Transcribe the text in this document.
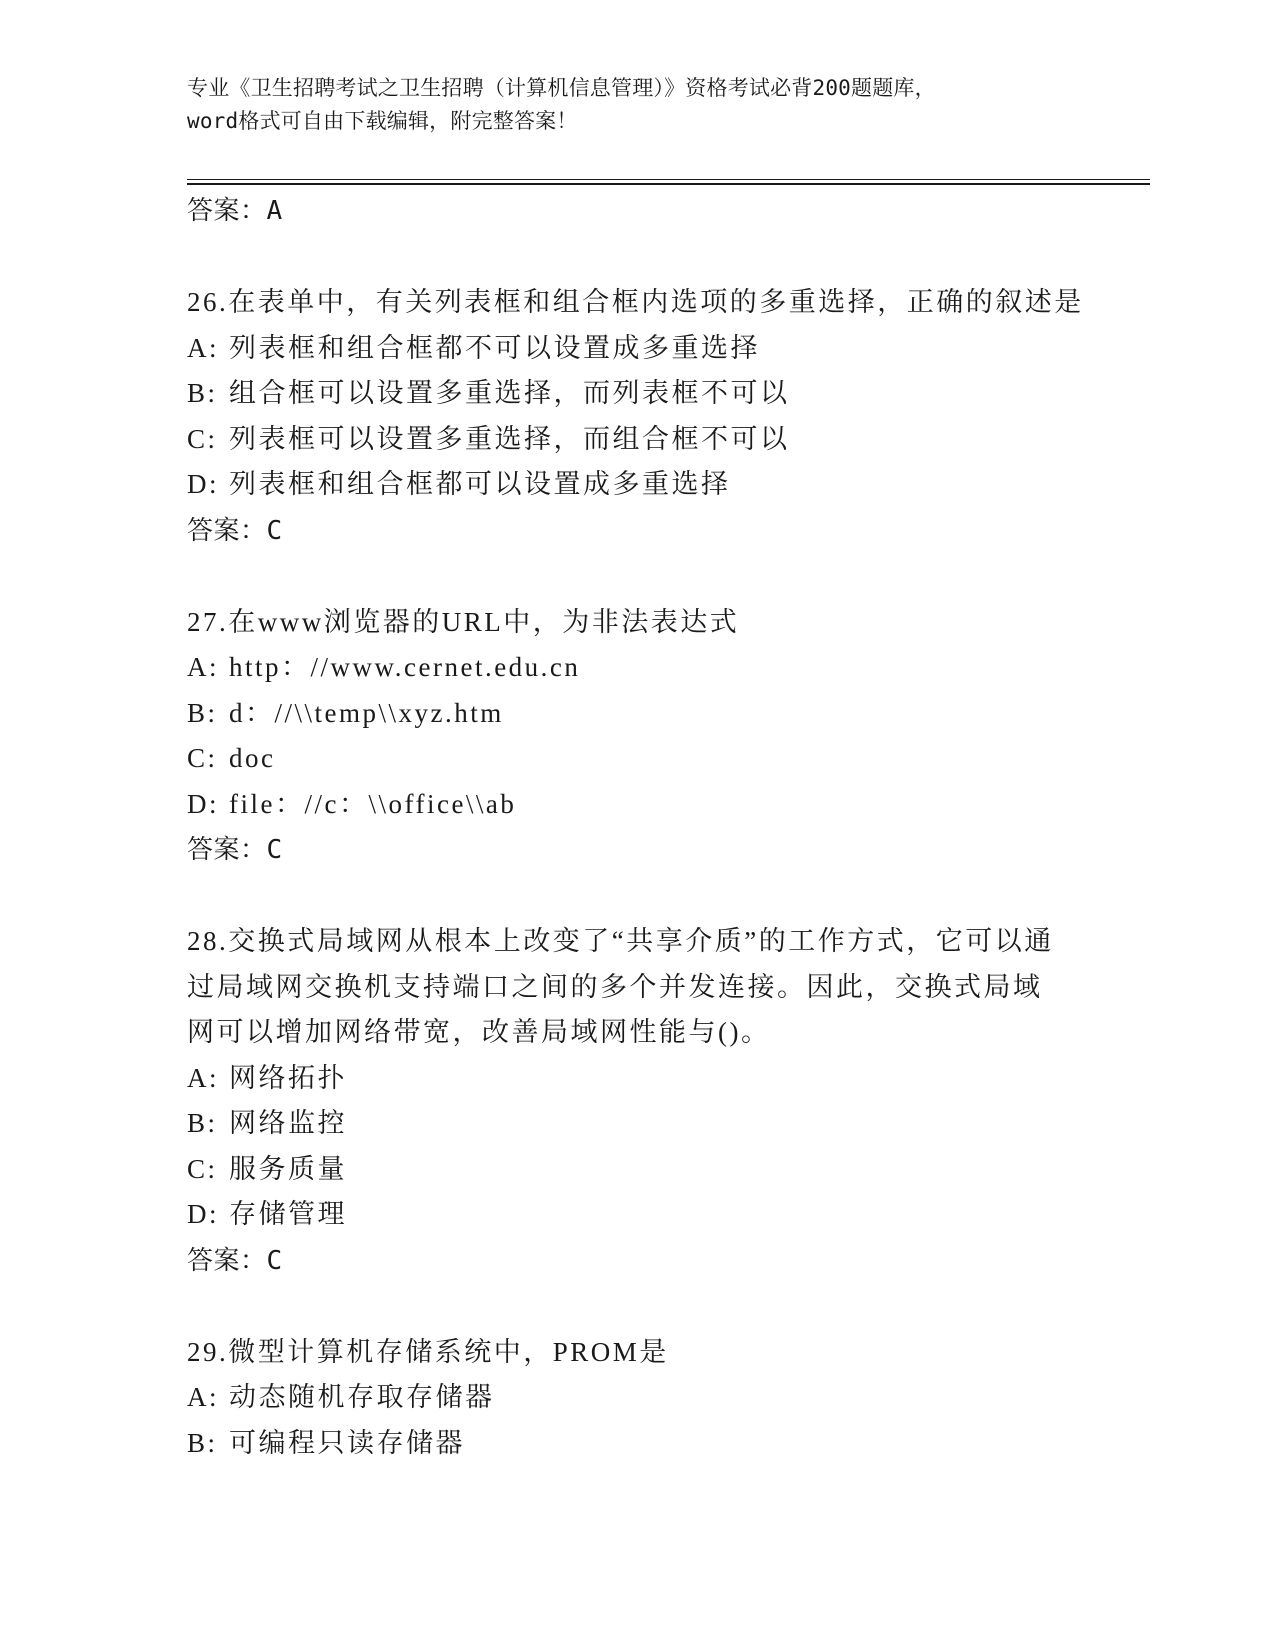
专业《卫生招聘考试之卫生招聘（计算机信息管理）》资格考试必背200题题库，
word格式可自由下载编辑，附完整答案！
答案：A
26.在表单中，有关列表框和组合框内选项的多重选择，正确的叙述是
A: 列表框和组合框都不可以设置成多重选择
B: 组合框可以设置多重选择，而列表框不可以
C: 列表框可以设置多重选择，而组合框不可以
D: 列表框和组合框都可以设置成多重选择
答案：C
27.在www浏览器的URL中，为非法表达式
A: http：//www.cernet.edu.cn
B: d：//\\temp\\xyz.htm
C: doc
D: file：//c：\\office\\ab
答案：C
28.交换式局域网从根本上改变了“共享介质”的工作方式，它可以通过局域网交换机支持端口之间的多个并发连接。因此，交换式局域网可以增加网络带宽，改善局域网性能与()。
A: 网络拓扑
B: 网络监控
C: 服务质量
D: 存储管理
答案：C
29.微型计算机存储系统中，PROM是
A: 动态随机存取存储器
B: 可编程只读存储器
